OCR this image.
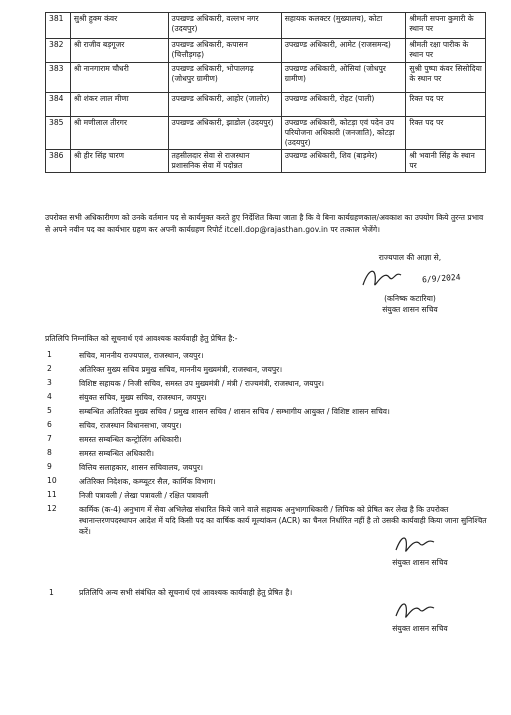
381	सुश्री हुक्म कंवर	उपखण्ड अधिकारी, वल्लभ नगर (उदयपुर)	सहायक कलक्टर (मुख्यालय), कोटा	श्रीमती सपना कुमारी के स्थान पर
382	श्री राजीव बड़गूजर	उपखण्ड अधिकारी, कपासन (चित्तौड़गढ़)	उपखण्ड अधिकारी, आमेट (राजसमन्द)	श्रीमती रक्षा पारीक के स्थान पर
383	श्री नानगाराम चौधरी	उपखण्ड अधिकारी, भोपालगढ़ (जोधपुर ग्रामीण)	उपखण्ड अधिकारी, ओसियां (जोधपुर ग्रामीण)	सुश्री पुष्पा कंवर सिसोदिया के स्थान पर
384	श्री शंकर लाल मीणा	उपखण्ड अधिकारी, आहोर (जालोर)	उपखण्ड अधिकारी, रोहट (पाली)	रिक्त पद पर
385	श्री मणीलाल तीरगर	उपखण्ड अधिकारी, झाडोल (उदयपुर)	उपखण्ड अधिकारी, कोटड़ा एवं पदेन उप परियोजना अधिकारी (जनजाति), कोटड़ा (उदयपुर)	रिक्त पद पर
386	श्री हीर सिंह चारण	तहसीलदार सेवा से राजस्थान प्रशासनिक सेवा में पदोन्नत	उपखण्ड अधिकारी, शिव (बाड़मेर)	श्री भवानी सिंह के स्थान पर
उपरोक्त सभी अधिकारीगण को उनके वर्तमान पद से कार्यमुक्त करते हुए निर्देशित किया जाता है कि वे बिना कार्यग्रहणकाल/अवकाश का उपयोग किये तुरन्त प्रभाव से अपने नवीन पद का कार्यभार ग्रहण कर अपनी कार्यग्रहण रिपोर्ट itcell.dop@rajasthan.gov.in पर तत्काल भेजेंगे।
राज्यपाल की आज्ञा से,
6/9/2024
(कनिष्क कटारिया)
संयुक्त शासन सचिव
प्रतिलिपि निम्नांकित को सूचनार्थ एवं आवश्यक कार्यवाही हेतु प्रेषित है:-
1	सचिव, माननीय राज्यपाल, राजस्थान, जयपुर।
2	अतिरिक्त मुख्य सचिव प्रमुख सचिव, माननीय मुख्यमंत्री, राजस्थान, जयपुर।
3	विशिष्ट सहायक / निजी सचिव, समस्त उप मुख्यमंत्री / मंत्री / राज्यमंत्री, राजस्थान, जयपुर।
4	संयुक्त सचिव, मुख्य सचिव, राजस्थान, जयपुर।
5	सम्बन्धित अतिरिक्त मुख्य सचिव / प्रमुख शासन सचिव / शासन सचिव / सम्भागीय आयुक्त / विशिष्ट शासन सचिव।
6	सचिव, राजस्थान विधानसभा, जयपुर।
7	समस्त सम्बन्धित कन्ट्रोलिंग अधिकारी।
8	समस्त सम्बन्धित अधिकारी।
9	वित्तिय सलाहकार, शासन सचिवालय, जयपुर।
10	अतिरिक्त निदेशक, कम्प्यूटर सैल, कार्मिक विभाग।
11	निजी पत्रावली / लेखा पत्रावली / रक्षित पत्रावली
12	कार्मिक (क-4) अनुभाग में सेवा अभिलेख संधारित किये जाने वाले सहायक अनुभागाधिकारी / लिपिक को प्रेषित कर लेख है कि उपरोक्त स्थानान्तरणपदस्थापन आदेश में यदि किसी पद का वार्षिक कार्य मूल्यांकन (ACR) का चैनल निर्धारित नहीं है तो उसकी कार्यवाही किया जाना सुनिश्चित करें।
संयुक्त शासन सचिव
1	प्रतिलिपि अन्य सभी संबंधित को सूचनार्थ एवं आवश्यक कार्यवाही हेतु प्रेषित है।
संयुक्त शासन सचिव
